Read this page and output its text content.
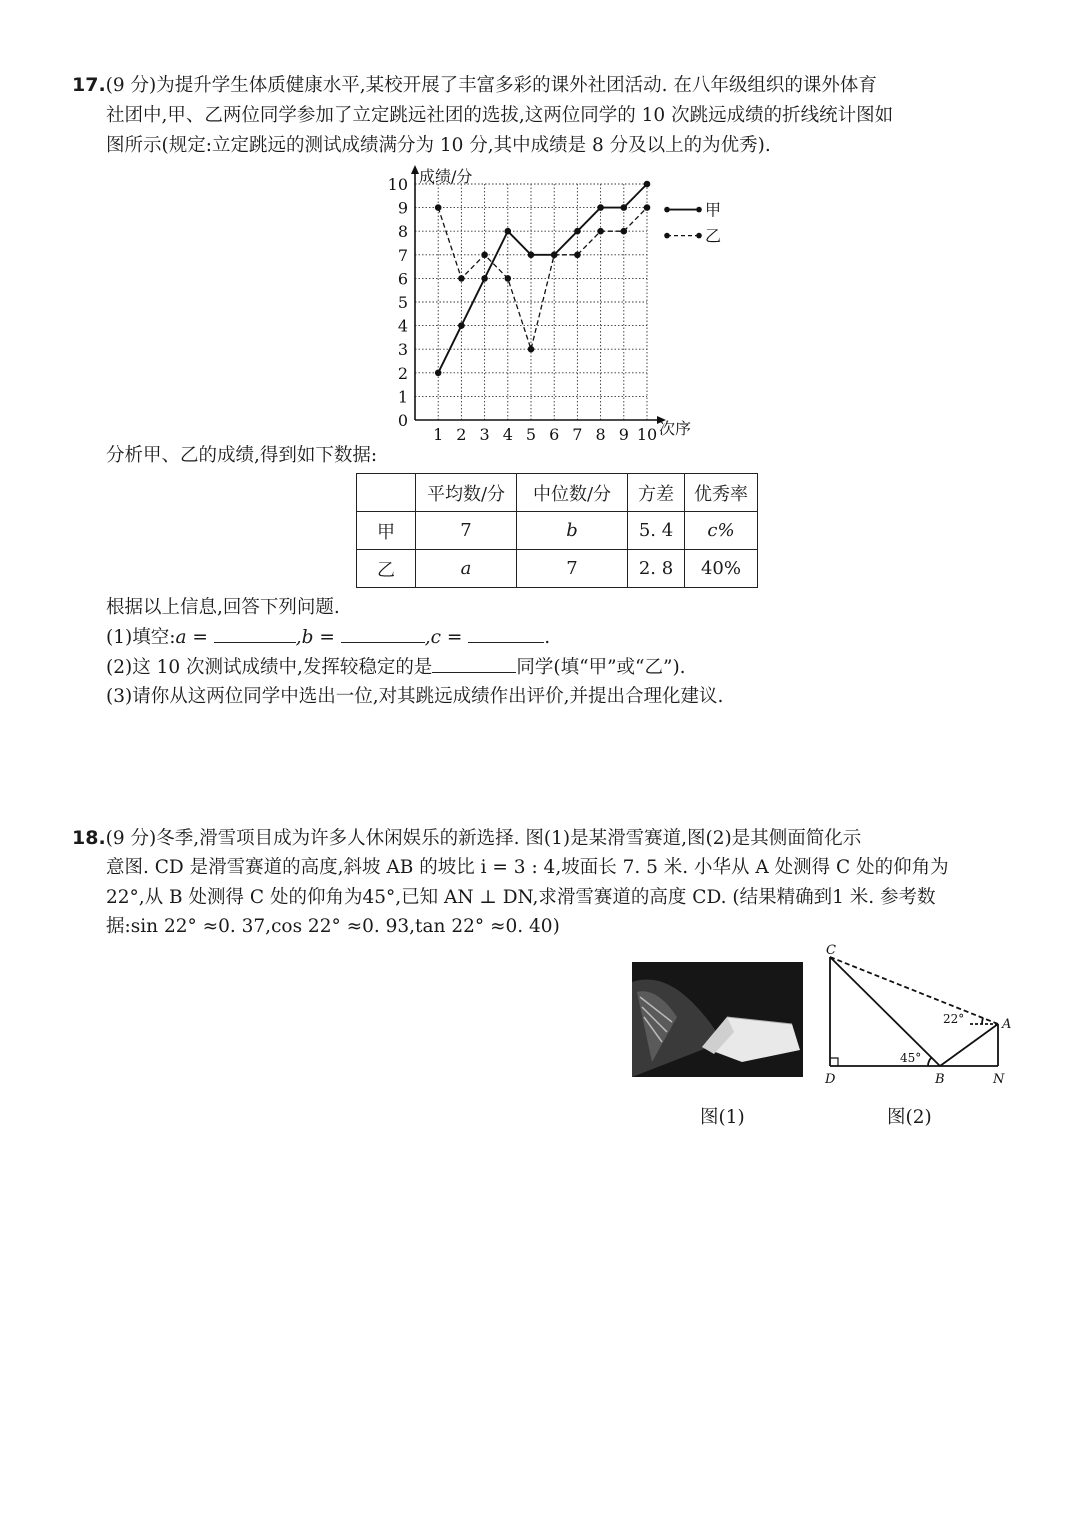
17.(9 分)为提升学生体质健康水平,某校开展了丰富多彩的课外社团活动. 在八年级组织的课外体育
社团中,甲、乙两位同学参加了立定跳远社团的选拔,这两位同学的 10 次跳远成绩的折线统计图如
图所示(规定:立定跳远的测试成绩满分为 10 分,其中成绩是 8 分及以上的为优秀).
0
1
2
3
4
5
6
7
8
9
10
1 2 3 4 5 6 7 8 9 10
成绩/分
次序
甲
乙
分析甲、乙的成绩,得到如下数据:
	平均数/分	中位数/分	方差	优秀率
甲	7	b	5. 4	c%
乙	a	7	2. 8	40%
根据以上信息,回答下列问题.
(1)填空:a =	,b =	,c =	.
(2)这 10 次测试成绩中,发挥较稳定的是	同学(填“甲”或“乙”).
(3)请你从这两位同学中选出一位,对其跳远成绩作出评价,并提出合理化建议.
18.(9 分)冬季,滑雪项目成为许多人休闲娱乐的新选择. 图(1)是某滑雪赛道,图(2)是其侧面简化示
意图. CD 是滑雪赛道的高度,斜坡 AB 的坡比 i = 3 : 4,坡面长 7. 5 米. 小华从 A 处测得 C 处的仰角为
22°,从 B 处测得 C 处的仰角为45°,已知 AN ⊥ DN,求滑雪赛道的高度 CD. (结果精确到1 米. 参考数
据:sin 22° ≈0. 37,cos 22° ≈0. 93,tan 22° ≈0. 40)
C
A
D	B	N
22°
45°
图(1)	图(2)
